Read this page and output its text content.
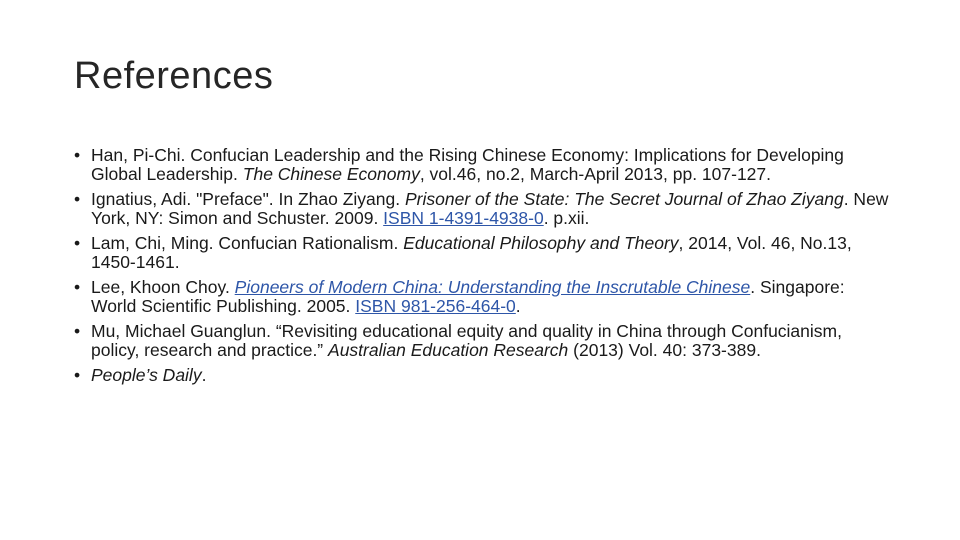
References
• Han, Pi-Chi. Confucian Leadership and the Rising Chinese Economy: Implications for Developing Global Leadership. The Chinese Economy, vol.46, no.2, March-April 2013, pp. 107-127.
• Ignatius, Adi. "Preface". In Zhao Ziyang. Prisoner of the State: The Secret Journal of Zhao Ziyang. New York, NY: Simon and Schuster. 2009. ISBN 1-4391-4938-0. p.xii.
• Lam, Chi, Ming. Confucian Rationalism. Educational Philosophy and Theory, 2014, Vol. 46, No.13, 1450-1461.
• Lee, Khoon Choy. Pioneers of Modern China: Understanding the Inscrutable Chinese. Singapore: World Scientific Publishing. 2005. ISBN 981-256-464-0.
• Mu, Michael Guanglun. “Revisiting educational equity and quality in China through Confucianism, policy, research and practice.” Australian Education Research (2013) Vol. 40: 373-389.
• People’s Daily.
